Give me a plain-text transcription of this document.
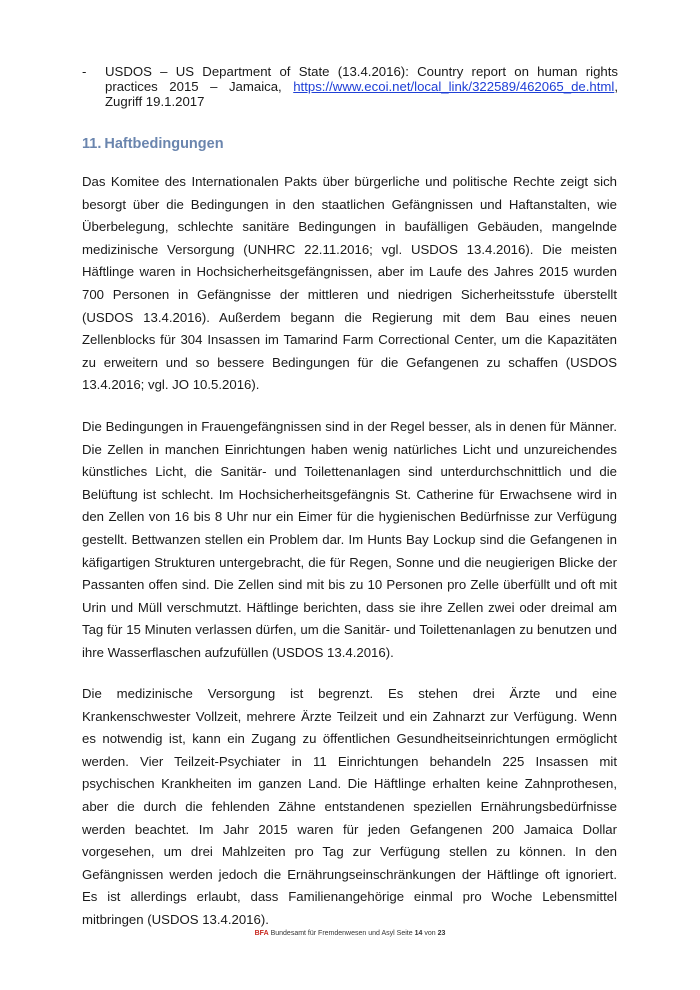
- USDOS – US Department of State (13.4.2016): Country report on human rights practices 2015 – Jamaica, https://www.ecoi.net/local_link/322589/462065_de.html, Zugriff 19.1.2017
11. Haftbedingungen

Das Komitee des Internationalen Pakts über bürgerliche und politische Rechte zeigt sich besorgt über die Bedingungen in den staatlichen Gefängnissen und Haftanstalten, wie Überbelegung, schlechte sanitäre Bedingungen in baufälligen Gebäuden, mangelnde medizinische Versorgung (UNHRC 22.11.2016; vgl. USDOS 13.4.2016). Die meisten Häftlinge waren in Hochsicherheitsgefängnissen, aber im Laufe des Jahres 2015 wurden 700 Personen in Gefängnisse der mittleren und niedrigen Sicherheitsstufe überstellt (USDOS 13.4.2016). Außerdem begann die Regierung mit dem Bau eines neuen Zellenblocks für 304 Insassen im Tamarind Farm Correctional Center, um die Kapazitäten zu erweitern und so bessere Bedingungen für die Gefangenen zu schaffen (USDOS 13.4.2016; vgl. JO 10.5.2016).

Die Bedingungen in Frauengefängnissen sind in der Regel besser, als in denen für Männer. Die Zellen in manchen Einrichtungen haben wenig natürliches Licht und unzureichendes künstliches Licht, die Sanitär- und Toilettenanlagen sind unterdurchschnittlich und die Belüftung ist schlecht. Im Hochsicherheitsgefängnis St. Catherine für Erwachsene wird in den Zellen von 16 bis 8 Uhr nur ein Eimer für die hygienischen Bedürfnisse zur Verfügung gestellt. Bettwanzen stellen ein Problem dar. Im Hunts Bay Lockup sind die Gefangenen in käfigartigen Strukturen untergebracht, die für Regen, Sonne und die neugierigen Blicke der Passanten offen sind. Die Zellen sind mit bis zu 10 Personen pro Zelle überfüllt und oft mit Urin und Müll verschmutzt. Häftlinge berichten, dass sie ihre Zellen zwei oder dreimal am Tag für 15 Minuten verlassen dürfen, um die Sanitär- und Toilettenanlagen zu benutzen und ihre Wasserflaschen aufzufüllen (USDOS 13.4.2016).

Die medizinische Versorgung ist begrenzt. Es stehen drei Ärzte und eine Krankenschwester Vollzeit, mehrere Ärzte Teilzeit und ein Zahnarzt zur Verfügung. Wenn es notwendig ist, kann ein Zugang zu öffentlichen Gesundheitseinrichtungen ermöglicht werden. Vier Teilzeit-Psychiater in 11 Einrichtungen behandeln 225 Insassen mit psychischen Krankheiten im ganzen Land. Die Häftlinge erhalten keine Zahnprothesen, aber die durch die fehlenden Zähne entstandenen speziellen Ernährungsbedürfnisse werden beachtet. Im Jahr 2015 waren für jeden Gefangenen 200 Jamaica Dollar vorgesehen, um drei Mahlzeiten pro Tag zur Verfügung stellen zu können. In den Gefängnissen werden jedoch die Ernährungseinschränkungen der Häftlinge oft ignoriert. Es ist allerdings erlaubt, dass Familienangehörige einmal pro Woche Lebensmittel mitbringen (USDOS 13.4.2016).

BFA Bundesamt für Fremdenwesen und Asyl Seite 14 von 23
